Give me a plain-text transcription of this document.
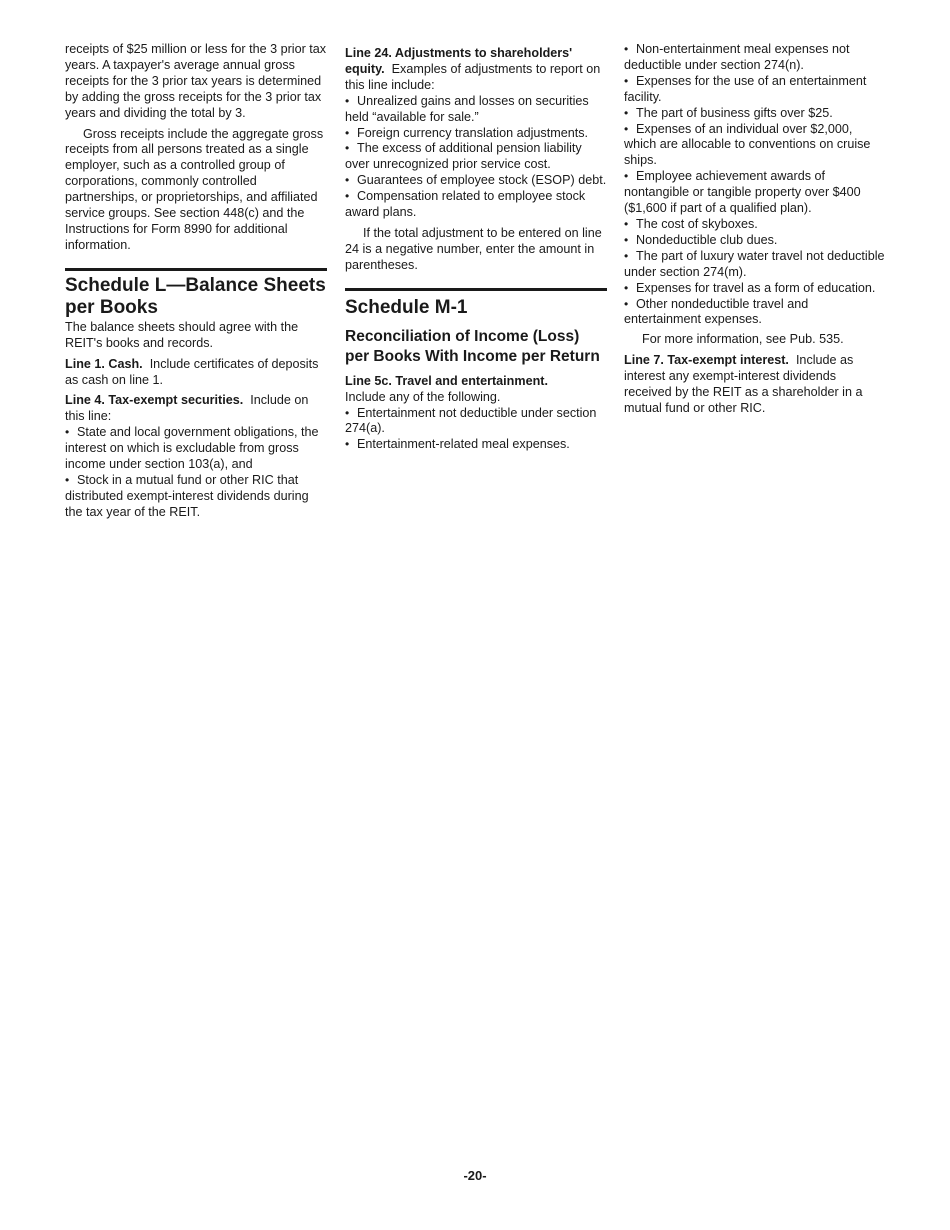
receipts of $25 million or less for the 3 prior tax years. A taxpayer's average annual gross receipts for the 3 prior tax years is determined by adding the gross receipts for the 3 prior tax years and dividing the total by 3.

Gross receipts include the aggregate gross receipts from all persons treated as a single employer, such as a controlled group of corporations, commonly controlled partnerships, or proprietorships, and affiliated service groups. See section 448(c) and the Instructions for Form 8990 for additional information.

Schedule L—Balance Sheets per Books

The balance sheets should agree with the REIT's books and records.

Line 1. Cash. Include certificates of deposits as cash on line 1.

Line 4. Tax-exempt securities. Include on this line:

• State and local government obligations, the interest on which is excludable from gross income under section 103(a), and

• Stock in a mutual fund or other RIC that distributed exempt-interest dividends during the tax year of the REIT.

Line 24. Adjustments to shareholders' equity. Examples of adjustments to report on this line include:

• Unrealized gains and losses on securities held “available for sale.”

• Foreign currency translation adjustments.

• The excess of additional pension liability over unrecognized prior service cost.

• Guarantees of employee stock (ESOP) debt.

• Compensation related to employee stock award plans.

If the total adjustment to be entered on line 24 is a negative number, enter the amount in parentheses.

Schedule M-1
Reconciliation of Income (Loss) per Books With Income per Return

Line 5c. Travel and entertainment.

Include any of the following.

• Entertainment not deductible under section 274(a).

• Entertainment-related meal expenses.

• Non-entertainment meal expenses not deductible under section 274(n).

• Expenses for the use of an entertainment facility.

• The part of business gifts over $25.

• Expenses of an individual over $2,000, which are allocable to conventions on cruise ships.

• Employee achievement awards of nontangible or tangible property over $400 ($1,600 if part of a qualified plan).

• The cost of skyboxes.

• Nondeductible club dues.

• The part of luxury water travel not deductible under section 274(m).

• Expenses for travel as a form of education.

• Other nondeductible travel and entertainment expenses.

For more information, see Pub. 535.

Line 7. Tax-exempt interest. Include as interest any exempt-interest dividends received by the REIT as a shareholder in a mutual fund or other RIC.

-20-
